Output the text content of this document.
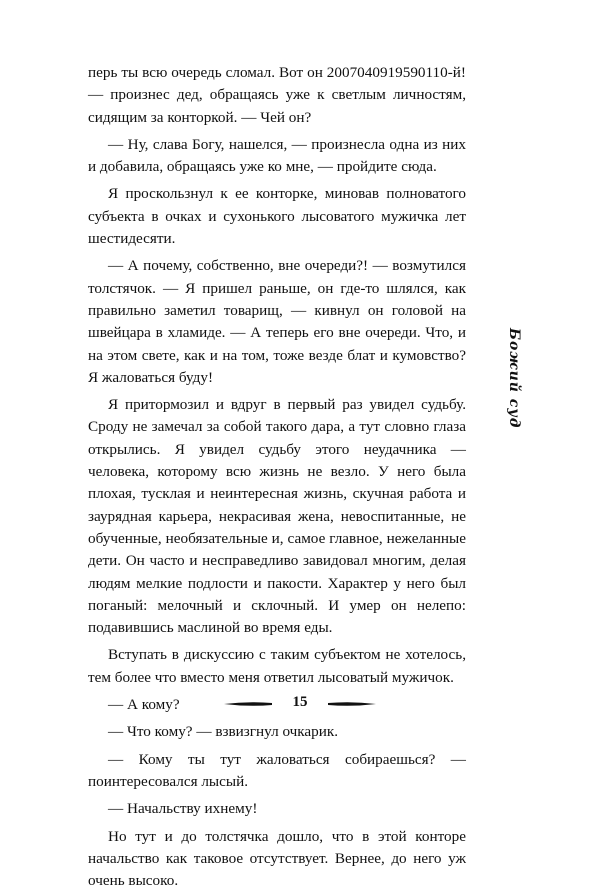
перь ты всю очередь сломал. Вот он 2007040919590110-й! — произнес дед, обращаясь уже к светлым личностям, сидящим за конторкой. — Чей он?

— Ну, слава Богу, нашелся, — произнесла одна из них и добавила, обращаясь уже ко мне, — пройдите сюда.

Я проскользнул к ее конторке, миновав полноватого субъекта в очках и сухонького лысоватого мужичка лет шестидесяти.

— А почему, собственно, вне очереди?! — возмутился толстячок. — Я пришел раньше, он где-то шлялся, как правильно заметил товарищ, — кивнул он головой на швейцара в хламиде. — А теперь его вне очереди. Что, и на этом свете, как и на том, тоже везде блат и кумовство? Я жаловаться буду!

Я притормозил и вдруг в первый раз увидел судьбу. Сроду не замечал за собой такого дара, а тут словно глаза открылись. Я увидел судьбу этого неудачника — человека, которому всю жизнь не везло. У него была плохая, тусклая и неинтересная жизнь, скучная работа и заурядная карьера, некрасивая жена, невоспитанные, не обученные, необязательные и, самое главное, нежеланные дети. Он часто и несправедливо завидовал многим, делая людям мелкие подлости и пакости. Характер у него был поганый: мелочный и склочный. И умер он нелепо: подавившись маслиной во время еды.

Вступать в дискуссию с таким субъектом не хотелось, тем более что вместо меня ответил лысоватый мужичок.

— А кому?

— Что кому? — взвизгнул очкарик.

— Кому ты тут жаловаться собираешься? — поинтересовался лысый.

— Начальству ихнему!

Но тут и до толстячка дошло, что в этой конторе начальство как таковое отсутствует. Вернее, до него уж очень высоко.

Божий суд
15
